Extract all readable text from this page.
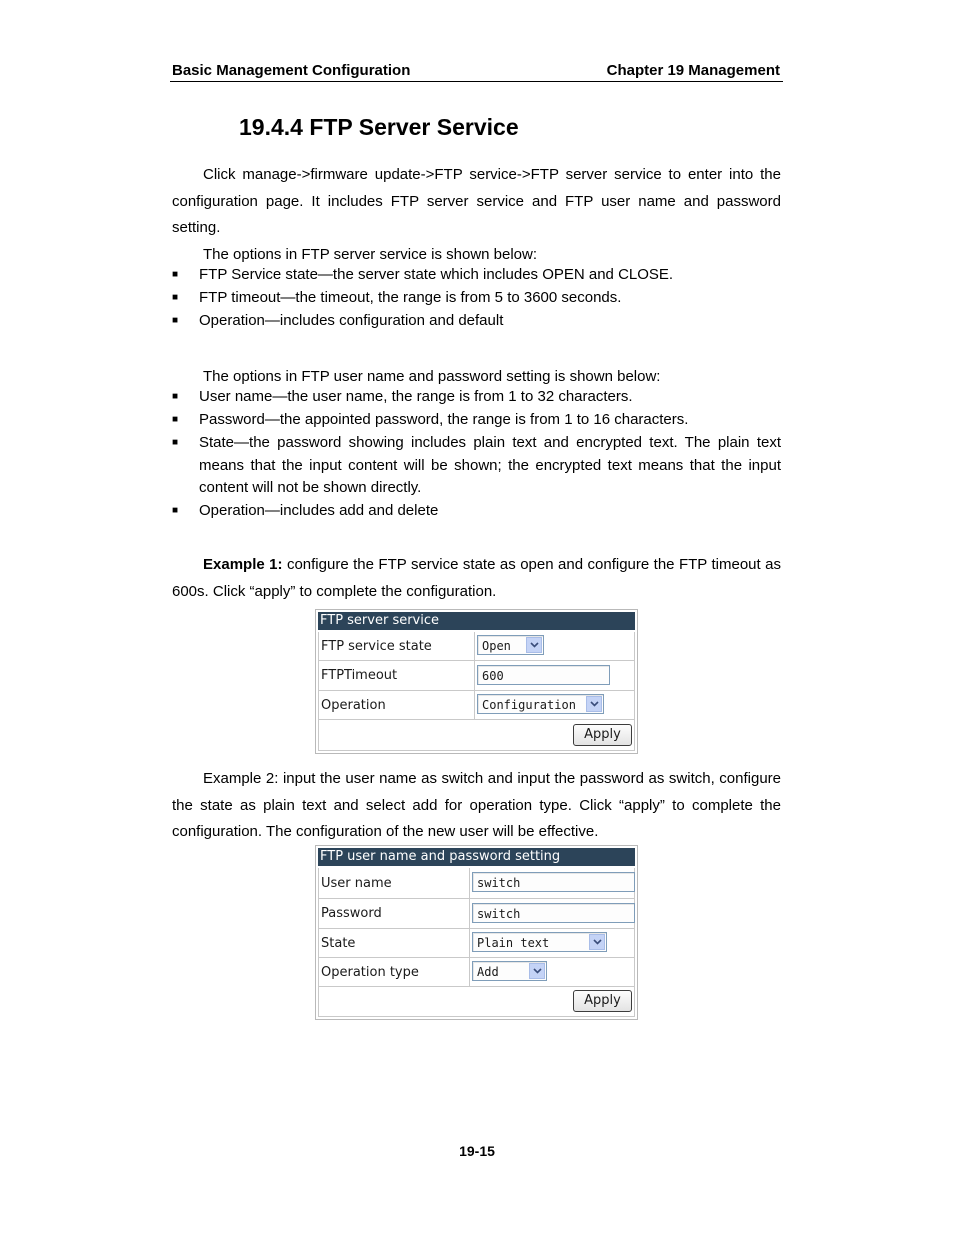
Basic Management Configuration	Chapter 19 Management
19.4.4 FTP Server Service
Click manage->firmware update->FTP service->FTP server service to enter into the configuration page. It includes FTP server service and FTP user name and password setting.
The options in FTP server service is shown below:
■ FTP Service state—the server state which includes OPEN and CLOSE.
■ FTP timeout—the timeout, the range is from 5 to 3600 seconds.
■ Operation—includes configuration and default
The options in FTP user name and password setting is shown below:
■ User name—the user name, the range is from 1 to 32 characters.
■ Password—the appointed password, the range is from 1 to 16 characters.
■ State—the password showing includes plain text and encrypted text. The plain text means that the input content will be shown; the encrypted text means that the input content will not be shown directly.
■ Operation—includes add and delete
Example 1: configure the FTP service state as open and configure the FTP timeout as 600s. Click “apply” to complete the configuration.
FTP server service
FTP service state	Open
FTPTimeout	600
Operation	Configuration
Apply
Example 2: input the user name as switch and input the password as switch, configure the state as plain text and select add for operation type. Click “apply” to complete the configuration. The configuration of the new user will be effective.
FTP user name and password setting
User name	switch
Password	switch
State	Plain text
Operation type	Add
Apply
19-15
